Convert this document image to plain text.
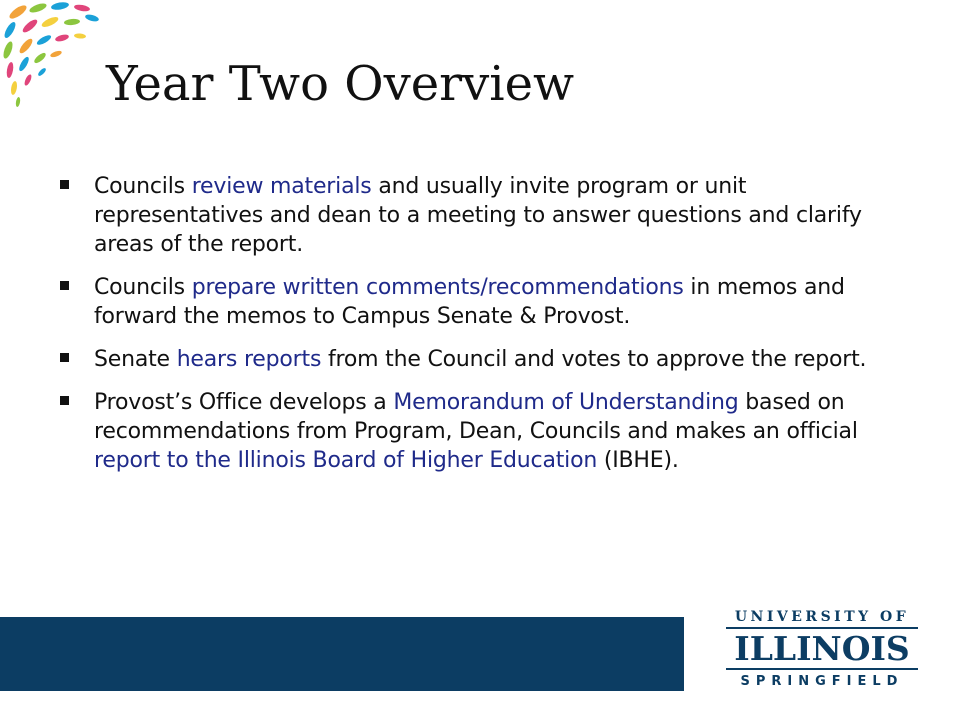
Year Two Overview
Councils review materials and usually invite program or unit representatives and dean to a meeting to answer questions and clarify areas of the report.
Councils prepare written comments/recommendations in memos and forward the memos to Campus Senate & Provost.
Senate hears reports from the Council and votes to approve the report.
Provost’s Office develops a Memorandum of Understanding based on recommendations from Program, Dean, Councils and makes an official report to the Illinois Board of Higher Education (IBHE).
UNIVERSITY OF
ILLINOIS
SPRINGFIELD
